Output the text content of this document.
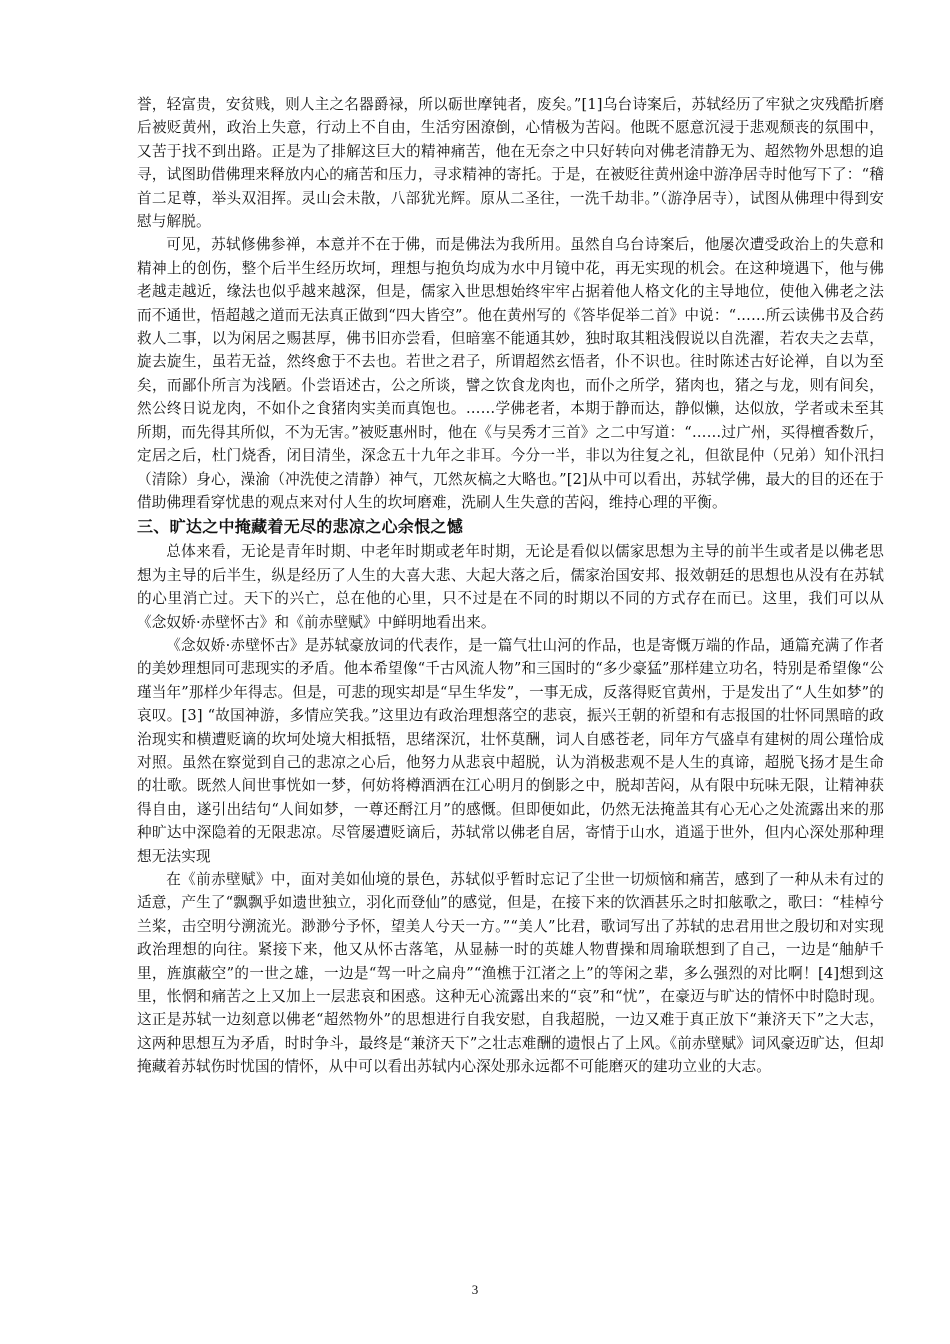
誉，轻富贵，安贫贱，则人主之名器爵禄，所以砺世摩钝者，废矣。”[1]乌台诗案后，苏轼经历了牢狱之灾残酷折磨后被贬黄州，政治上失意，行动上不自由，生活穷困潦倒，心情极为苦闷。他既不愿意沉浸于悲观颓丧的氛围中，又苦于找不到出路。正是为了排解这巨大的精神痛苦，他在无奈之中只好转向对佛老清静无为、超然物外思想的追寻，试图助借佛理来释放内心的痛苦和压力，寻求精神的寄托。于是，在被贬往黄州途中游净居寺时他写下了：“稽首二足尊，举头双泪挥。灵山会未散，八部犹光辉。原从二圣往，一洗千劫非。”（游净居寺），试图从佛理中得到安慰与解脱。

可见，苏轼修佛参禅，本意并不在于佛，而是佛法为我所用。虽然自乌台诗案后，他屡次遭受政治上的失意和精神上的创伤，整个后半生经历坎坷，理想与抱负均成为水中月镜中花，再无实现的机会。在这种境遇下，他与佛老越走越近，缘法也似乎越来越深，但是，儒家入世思想始终牢牢占据着他人格文化的主导地位，使他入佛老之法而不通世，悟超越之道而无法真正做到“四大皆空”。他在黄州写的《答毕促举二首》中说：“……所云读佛书及合药救人二事，以为闲居之赐甚厚，佛书旧亦尝看，但暗塞不能通其妙，独时取其粗浅假说以自洗濯，若农夫之去草，旋去旋生，虽若无益，然终愈于不去也。若世之君子，所谓超然玄悟者，仆不识也。往时陈述古好论禅，自以为至矣，而鄙仆所言为浅陋。仆尝语述古，公之所谈，譬之饮食龙肉也，而仆之所学，猪肉也，猪之与龙，则有间矣，然公终日说龙肉，不如仆之食猪肉实美而真饱也。……学佛老者，本期于静而达，静似懒，达似放，学者或未至其所期，而先得其所似，不为无害。”被贬惠州时，他在《与吴秀才三首》之二中写道：“……过广州，买得檀香数斤，定居之后，杜门烧香，闭目清坐，深念五十九年之非耳。今分一半，非以为往复之礼，但欲昆仲（兄弟）知仆汛扫（清除）身心，澡渝（冲洗使之清静）神气，兀然灰槁之大略也。”[2]从中可以看出，苏轼学佛，最大的目的还在于借助佛理看穿忧患的观点来对付人生的坎坷磨难，洗刷人生失意的苦闷，维持心理的平衡。

三、旷达之中掩藏着无尽的悲凉之心余恨之憾

总体来看，无论是青年时期、中老年时期或老年时期，无论是看似以儒家思想为主导的前半生或者是以佛老思想为主导的后半生，纵是经历了人生的大喜大悲、大起大落之后，儒家治国安邦、报效朝廷的思想也从没有在苏轼的心里消亡过。天下的兴亡，总在他的心里，只不过是在不同的时期以不同的方式存在而已。这里，我们可以从《念奴娇·赤壁怀古》和《前赤壁赋》中鲜明地看出来。

《念奴娇·赤壁怀古》是苏轼豪放词的代表作，是一篇气壮山河的作品，也是寄慨万端的作品，通篇充满了作者的美妙理想同可悲现实的矛盾。他本希望像“千古风流人物”和三国时的“多少豪猛”那样建立功名，特别是希望像“公瑾当年”那样少年得志。但是，可悲的现实却是“早生华发”，一事无成，反落得贬官黄州，于是发出了“人生如梦”的哀叹。[3] “故国神游，多情应笑我。”这里边有政治理想落空的悲哀，振兴王朝的祈望和有志报国的壮怀同黑暗的政治现实和横遭贬谪的坎坷处境大相抵牾，思绪深沉，壮怀莫酬，词人自感苍老，同年方气盛卓有建树的周公瑾恰成对照。虽然在察觉到自己的悲凉之心后，他努力从悲哀中超脱，认为消极悲观不是人生的真谛，超脱飞扬才是生命的壮歌。既然人间世事恍如一梦，何妨将樽酒洒在江心明月的倒影之中，脱却苦闷，从有限中玩味无限，让精神获得自由，遂引出结句“人间如梦，一尊还酹江月”的感慨。但即便如此，仍然无法掩盖其有心无心之处流露出来的那种旷达中深隐着的无限悲凉。尽管屡遭贬谪后，苏轼常以佛老自居，寄情于山水，逍遥于世外，但内心深处那种理想无法实现

在《前赤壁赋》中，面对美如仙境的景色，苏轼似乎暂时忘记了尘世一切烦恼和痛苦，感到了一种从未有过的适意，产生了“飘飘乎如遗世独立，羽化而登仙”的感觉，但是，在接下来的饮酒甚乐之时扣舷歌之，歌曰：“桂棹兮兰桨，击空明兮溯流光。渺渺兮予怀，望美人兮天一方。”“美人”比君，歌词写出了苏轼的忠君用世之殷切和对实现政治理想的向往。紧接下来，他又从怀古落笔，从显赫一时的英雄人物曹操和周瑜联想到了自己，一边是“舳舻千里，旌旗蔽空”的一世之雄，一边是“驾一叶之扁舟”“渔樵于江渚之上”的等闲之辈，多么强烈的对比啊！[4]想到这里，怅惘和痛苦之上又加上一层悲哀和困惑。这种无心流露出来的“哀”和“忧”，在豪迈与旷达的情怀中时隐时现。这正是苏轼一边刻意以佛老“超然物外”的思想进行自我安慰，自我超脱，一边又难于真正放下“兼济天下”之大志，这两种思想互为矛盾，时时争斗，最终是“兼济天下”之壮志难酬的遗恨占了上风。《前赤壁赋》词风豪迈旷达，但却掩藏着苏轼伤时忧国的情怀，从中可以看出苏轼内心深处那永远都不可能磨灭的建功立业的大志。

3
